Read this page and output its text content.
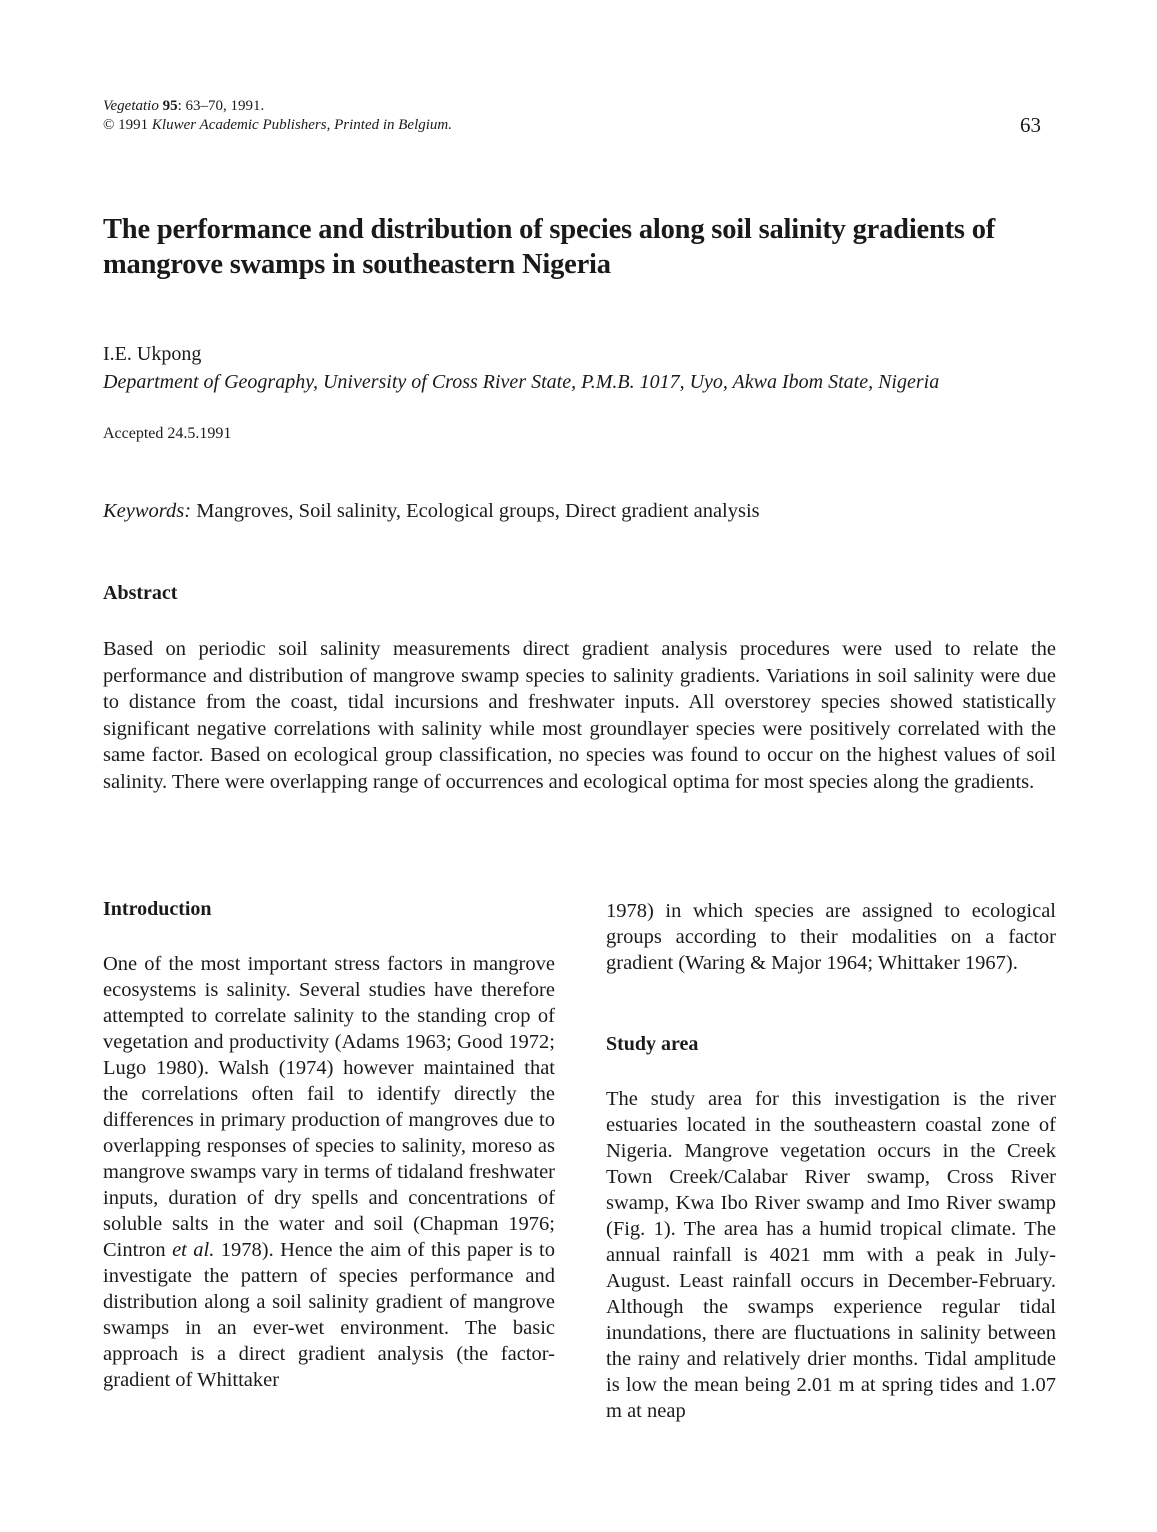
Vegetatio 95: 63–70, 1991.
© 1991 Kluwer Academic Publishers, Printed in Belgium.	63
The performance and distribution of species along soil salinity gradients of mangrove swamps in southeastern Nigeria
I.E. Ukpong
Department of Geography, University of Cross River State, P.M.B. 1017, Uyo, Akwa Ibom State, Nigeria
Accepted 24.5.1991
Keywords: Mangroves, Soil salinity, Ecological groups, Direct gradient analysis
Abstract

Based on periodic soil salinity measurements direct gradient analysis procedures were used to relate the performance and distribution of mangrove swamp species to salinity gradients. Variations in soil salinity were due to distance from the coast, tidal incursions and freshwater inputs. All overstorey species showed statistically significant negative correlations with salinity while most groundlayer species were positively correlated with the same factor. Based on ecological group classification, no species was found to occur on the highest values of soil salinity. There were overlapping range of occurrences and ecological optima for most species along the gradients.

Introduction

One of the most important stress factors in mangrove ecosystems is salinity. Several studies have therefore attempted to correlate salinity to the standing crop of vegetation and productivity (Adams 1963; Good 1972; Lugo 1980). Walsh (1974) however maintained that the correlations often fail to identify directly the differences in primary production of mangroves due to overlapping responses of species to salinity, moreso as mangrove swamps vary in terms of tidaland freshwater inputs, duration of dry spells and concentrations of soluble salts in the water and soil (Chapman 1976; Cintron et al. 1978). Hence the aim of this paper is to investigate the pattern of species performance and distribution along a soil salinity gradient of mangrove swamps in an ever-wet environment. The basic approach is a direct gradient analysis (the factor-gradient of Whittaker

1978) in which species are assigned to ecological groups according to their modalities on a factor gradient (Waring & Major 1964; Whittaker 1967).

Study area

The study area for this investigation is the river estuaries located in the southeastern coastal zone of Nigeria. Mangrove vegetation occurs in the Creek Town Creek/Calabar River swamp, Cross River swamp, Kwa Ibo River swamp and Imo River swamp (Fig. 1). The area has a humid tropical climate. The annual rainfall is 4021 mm with a peak in July-August. Least rainfall occurs in December-February. Although the swamps experience regular tidal inundations, there are fluctuations in salinity between the rainy and relatively drier months. Tidal amplitude is low the mean being 2.01 m at spring tides and 1.07 m at neap
